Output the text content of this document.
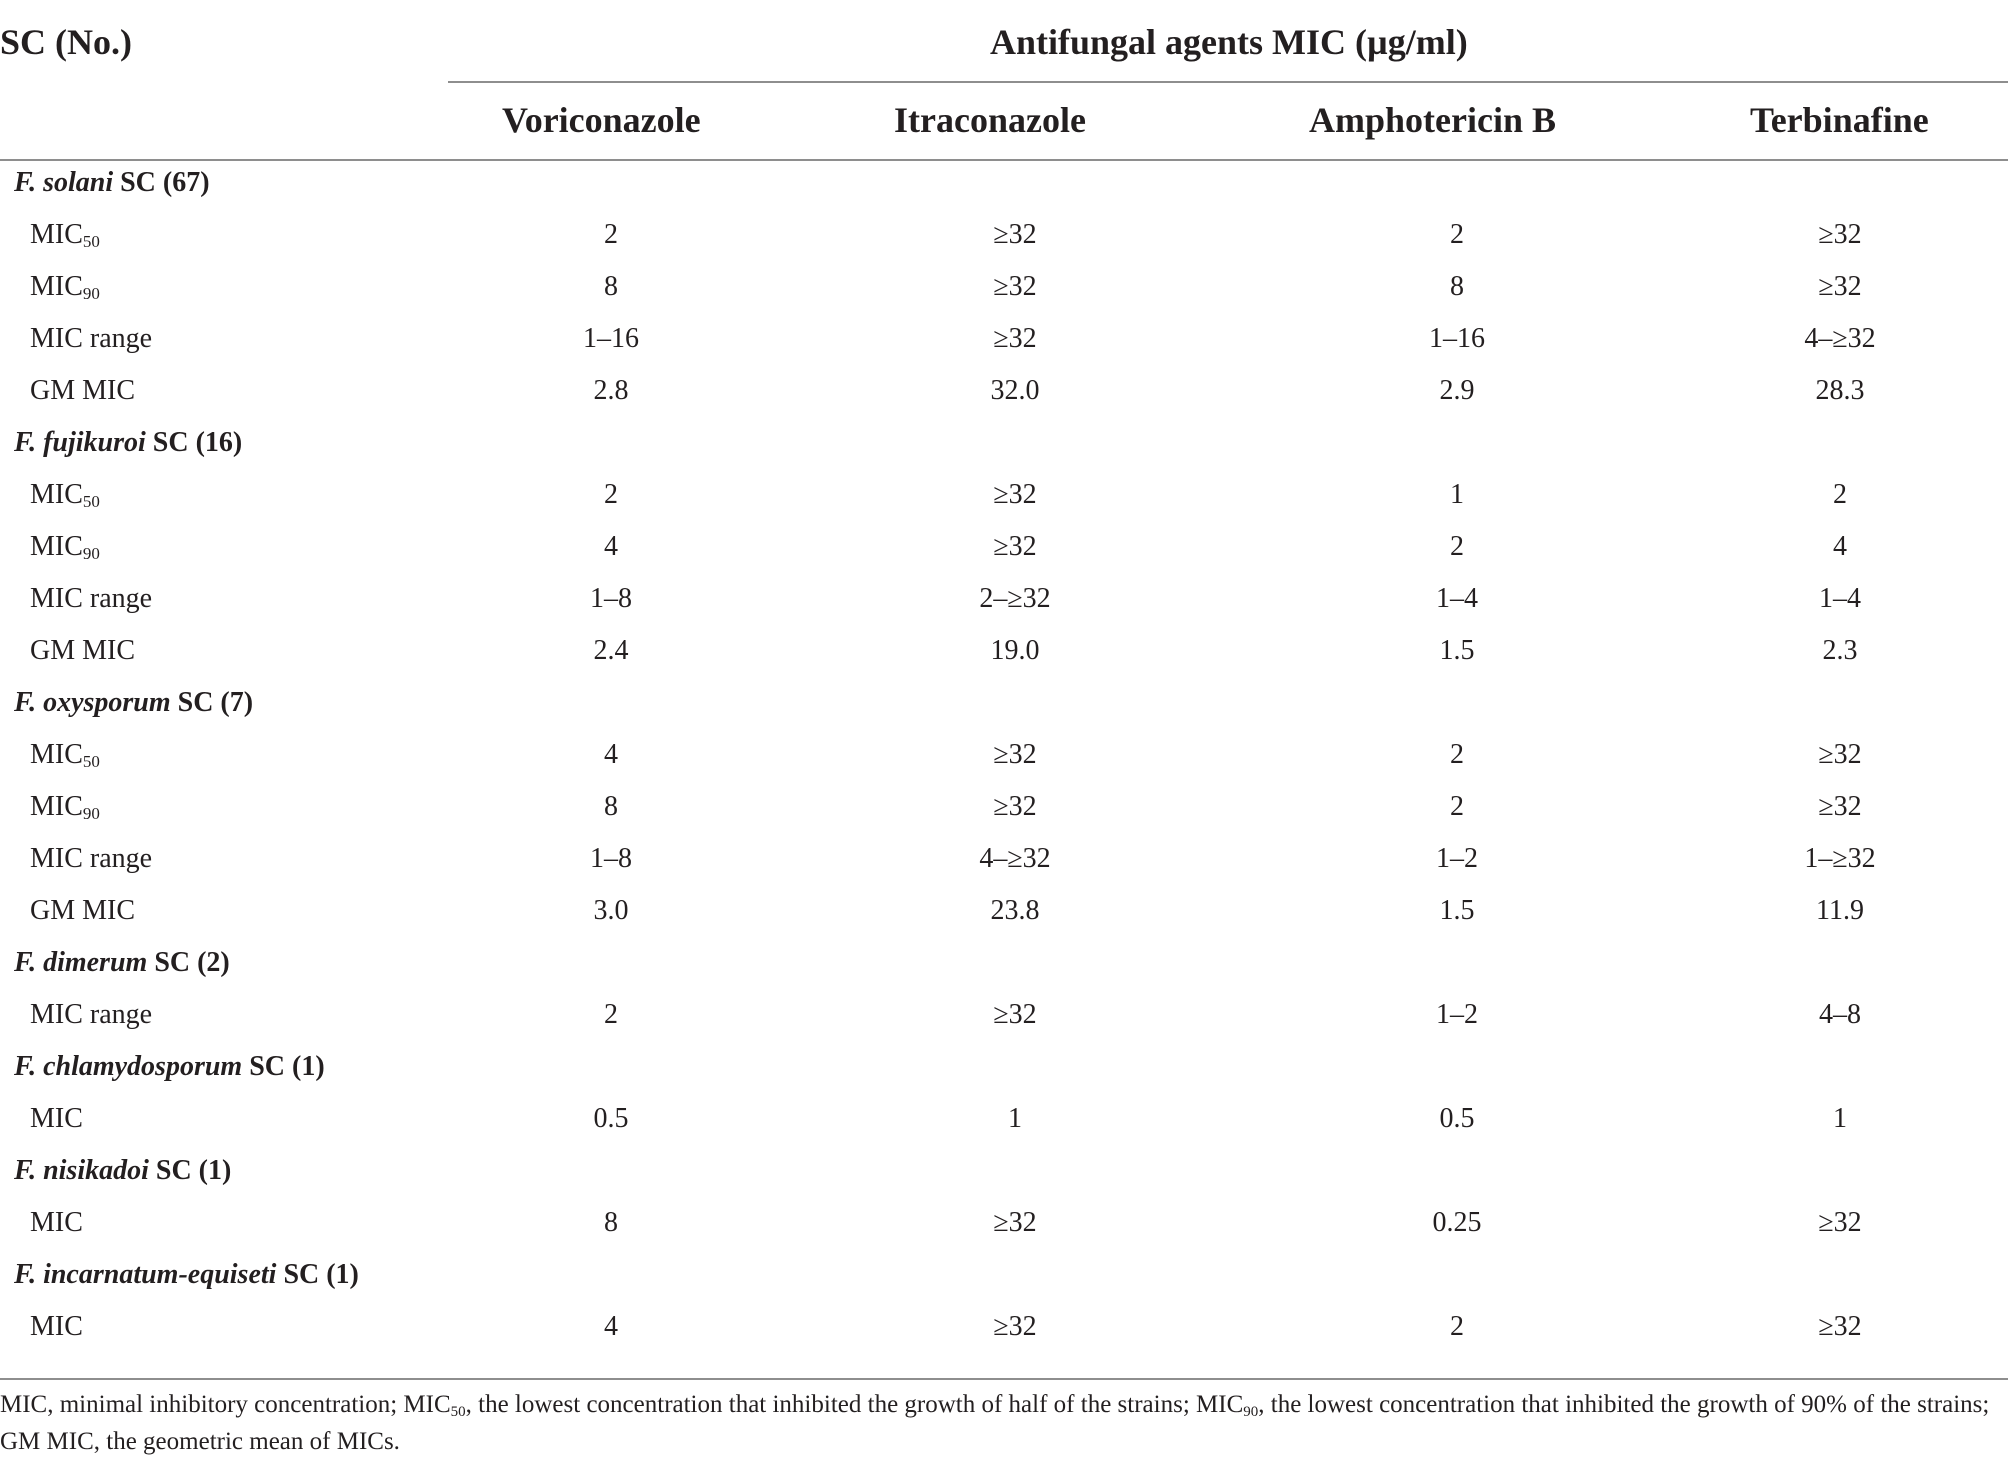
SC (No.)	Antifungal agents MIC (µg/ml)
Voriconazole	Itraconazole	Amphotericin B	Terbinafine
F. solani SC (67)
$MIC_{50}$	2	≥32	2	≥32
$MIC_{90}$	8	≥32	8	≥32
MIC range	1–16	≥32	1–16	4–≥32
GM MIC	2.8	32.0	2.9	28.3
F. fujikuroi SC (16)
$MIC_{50}$	2	≥32	1	2
$MIC_{90}$	4	≥32	2	4
MIC range	1–8	2–≥32	1–4	1–4
GM MIC	2.4	19.0	1.5	2.3
F. oxysporum SC (7)
$MIC_{50}$	4	≥32	2	≥32
$MIC_{90}$	8	≥32	2	≥32
MIC range	1–8	4–≥32	1–2	1–≥32
GM MIC	3.0	23.8	1.5	11.9
F. dimerum SC (2)
MIC range	2	≥32	1–2	4–8
F. chlamydosporum SC (1)
MIC	0.5	1	0.5	1
F. nisikadoi SC (1)
MIC	8	≥32	0.25	≥32
F. incarnatum-equiseti SC (1)
MIC	4	≥32	2	≥32
MIC, minimal inhibitory concentration; $MIC_{50}$, the lowest concentration that inhibited the growth of half of the strains; $MIC_{90}$, the lowest concentration that inhibited the growth of 90% of the strains; GM MIC, the geometric mean of MICs.
